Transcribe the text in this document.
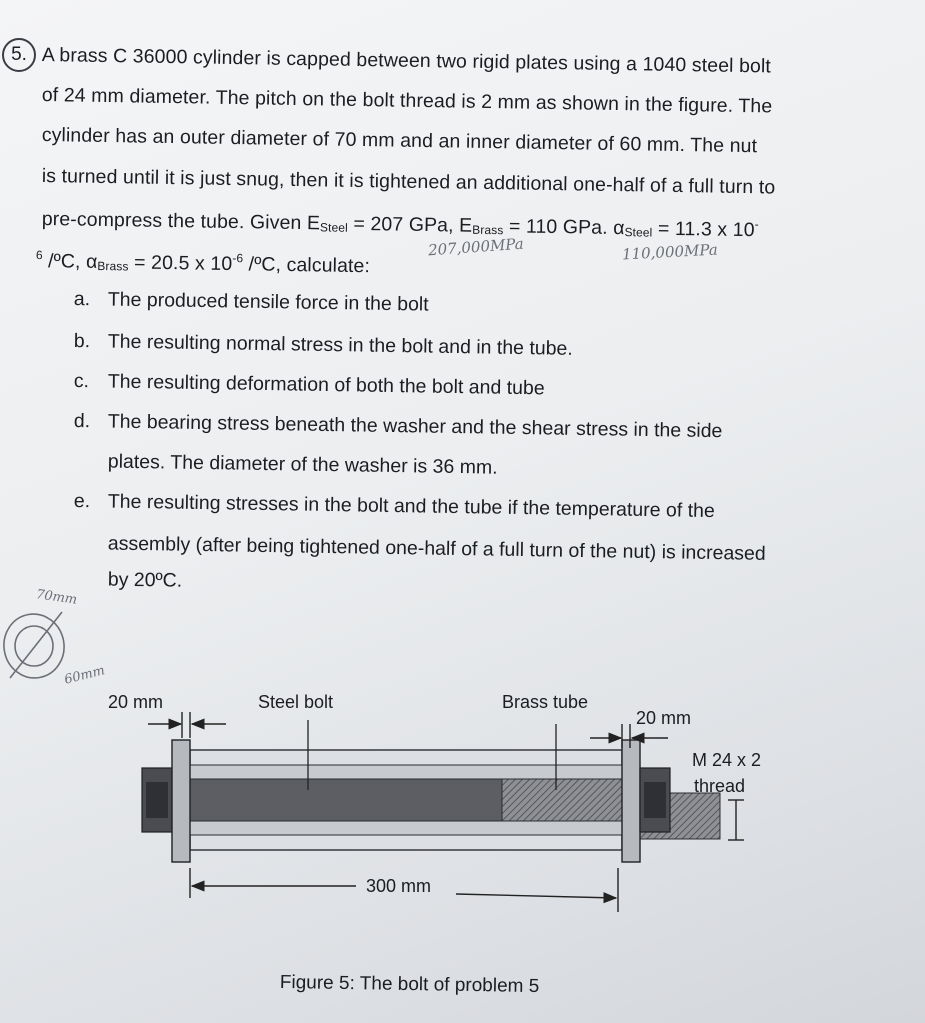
5. A brass C 36000 cylinder is capped between two rigid plates using a 1040 steel bolt
of 24 mm diameter. The pitch on the bolt thread is 2 mm as shown in the figure. The
cylinder has an outer diameter of 70 mm and an inner diameter of 60 mm. The nut
is turned until it is just snug, then it is tightened an additional one-half of a full turn to
pre-compress the tube. Given ESteel = 207 GPa, EBrass = 110 GPa. αSteel = 11.3 x 10-
$^6$ /ºC, αBrass = 20.5 x $10^{-6}$ /ºC, calculate:
207,000MPa	110,000MPa
a. The produced tensile force in the bolt
b. The resulting normal stress in the bolt and in the tube.
c. The resulting deformation of both the bolt and tube
d. The bearing stress beneath the washer and the shear stress in the side
plates. The diameter of the washer is 36 mm.
e. The resulting stresses in the bolt and the tube if the temperature of the
assembly (after being tightened one-half of a full turn of the nut) is increased
by 20ºC.
70mm
60mm
20 mm	Steel bolt	Brass tube
20 mm
M 24 x 2
thread
300 mm
Figure 5: The bolt of problem 5
